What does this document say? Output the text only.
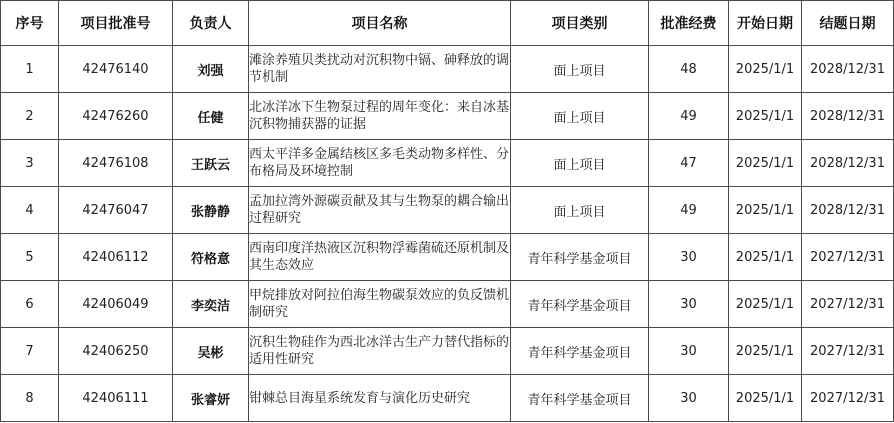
序号	项目批准号	负责人	项目名称	项目类别	批准经费	开始日期	结题日期
1	42476140	刘强	滩涂养殖贝类扰动对沉积物中镉、砷释放的调节机制	面上项目	48	2025/1/1	2028/12/31
2	42476260	任健	北冰洋冰下生物泵过程的周年变化：来自冰基沉积物捕获器的证据	面上项目	49	2025/1/1	2028/12/31
3	42476108	王跃云	西太平洋多金属结核区多毛类动物多样性、分布格局及环境控制	面上项目	47	2025/1/1	2028/12/31
4	42476047	张静静	孟加拉湾外源碳贡献及其与生物泵的耦合输出过程研究	面上项目	49	2025/1/1	2028/12/31
5	42406112	符格意	西南印度洋热液区沉积物浮霉菌硫还原机制及其生态效应	青年科学基金项目	30	2025/1/1	2027/12/31
6	42406049	李奕洁	甲烷排放对阿拉伯海生物碳泵效应的负反馈机制研究	青年科学基金项目	30	2025/1/1	2027/12/31
7	42406250	吴彬	沉积生物硅作为西北冰洋古生产力替代指标的适用性研究	青年科学基金项目	30	2025/1/1	2027/12/31
8	42406111	张睿妍	钳棘总目海星系统发育与演化历史研究	青年科学基金项目	30	2025/1/1	2027/12/31
